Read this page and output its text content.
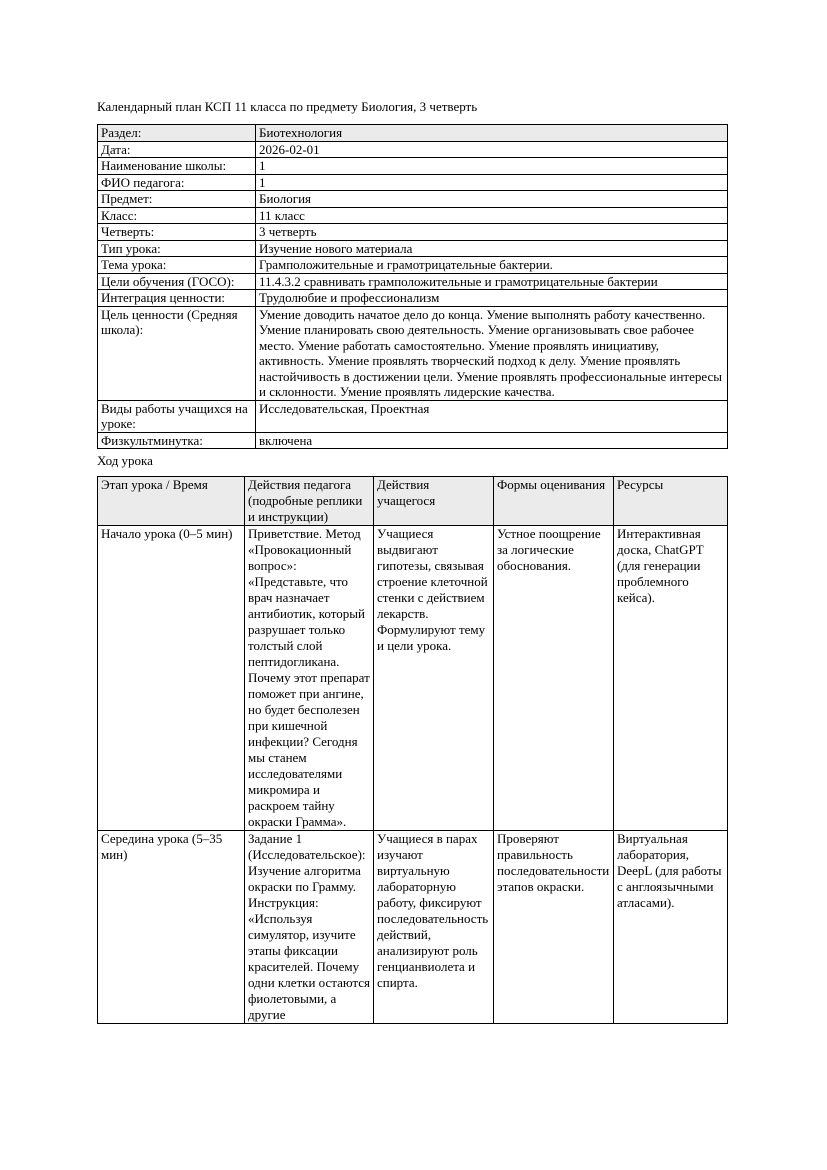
Календарный план КСП 11 класса по предмету Биология, 3 четверть

Раздел:	Биотехнология
Дата:	2026-02-01
Наименование школы:	1
ФИО педагога:	1
Предмет:	Биология
Класс:	11 класс
Четверть:	3 четверть
Тип урока:	Изучение нового материала
Тема урока:	Грамположительные и грамотрицательные бактерии.
Цели обучения (ГОСО):	11.4.3.2 сравнивать грамположительные и грамотрицательные бактерии
Интеграция ценности:	Трудолюбие и профессионализм
Цель ценности (Средняя школа):	Умение доводить начатое дело до конца. Умение выполнять работу качественно. Умение планировать свою деятельность. Умение организовывать свое рабочее место. Умение работать самостоятельно. Умение проявлять инициативу, активность. Умение проявлять творческий подход к делу. Умение проявлять настойчивость в достижении цели. Умение проявлять профессиональные интересы и склонности. Умение проявлять лидерские качества.
Виды работы учащихся на уроке:	Исследовательская, Проектная
Физкультминутка:	включена

Ход урока

Этап урока / Время	Действия педагога (подробные реплики и инструкции)	Действия учащегося	Формы оценивания	Ресурсы
Начало урока (0–5 мин)	Приветствие. Метод «Провокационный вопрос»: «Представьте, что врач назначает антибиотик, который разрушает только толстый слой пептидогликана. Почему этот препарат поможет при ангине, но будет бесполезен при кишечной инфекции? Сегодня мы станем исследователями микромира и раскроем тайну окраски Грамма».	Учащиеся выдвигают гипотезы, связывая строение клеточной стенки с действием лекарств. Формулируют тему и цели урока.	Устное поощрение за логические обоснования.	Интерактивная доска, ChatGPT (для генерации проблемного кейса).
Середина урока (5–35 мин)	Задание 1 (Исследовательское): Изучение алгоритма окраски по Грамму. Инструкция: «Используя симулятор, изучите этапы фиксации красителей. Почему одни клетки остаются фиолетовыми, а другие	Учащиеся в парах изучают виртуальную лабораторную работу, фиксируют последовательность действий, анализируют роль генцианвиолета и спирта.	Проверяют правильность последовательности этапов окраски.	Виртуальная лаборатория, DeepL (для работы с англоязычными атласами).
